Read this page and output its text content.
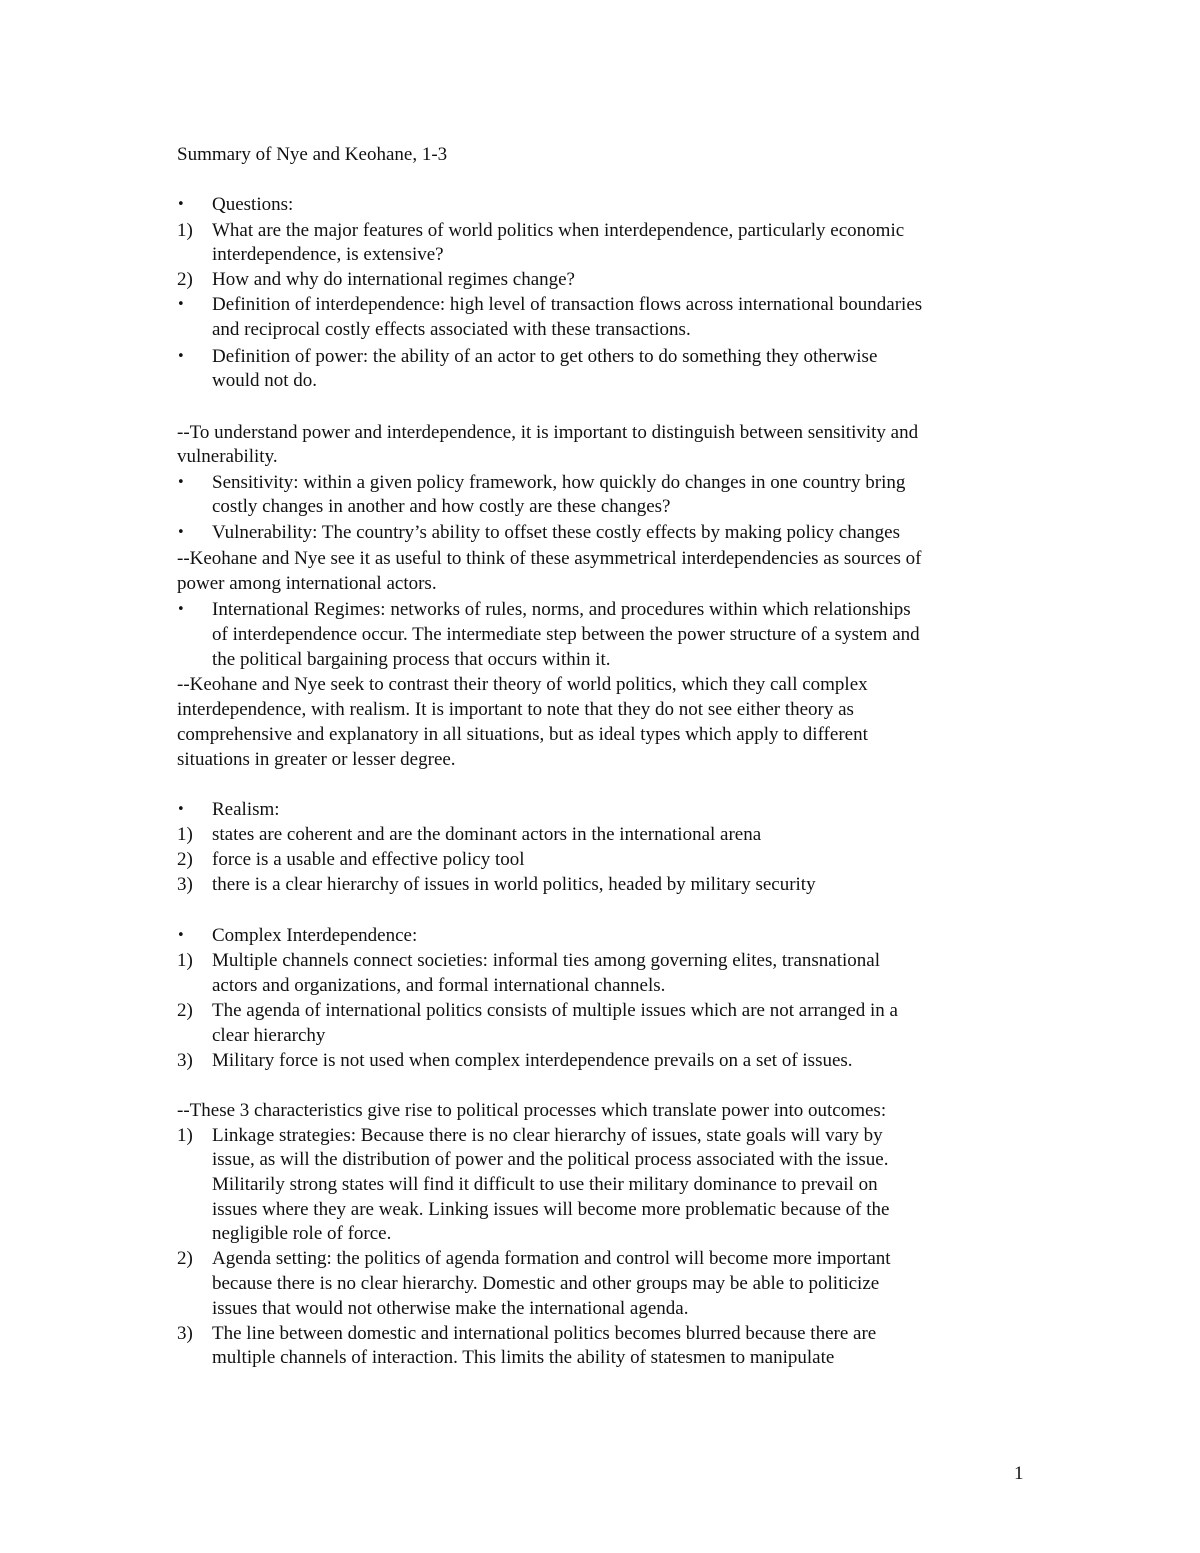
Summary of Nye and Keohane, 1-3
• Questions:
1) What are the major features of world politics when interdependence, particularly economic
interdependence, is extensive?
2) How and why do international regimes change?
• Definition of interdependence: high level of transaction flows across international boundaries
and reciprocal costly effects associated with these transactions.
• Definition of power: the ability of an actor to get others to do something they otherwise
would not do.
--To understand power and interdependence, it is important to distinguish between sensitivity and
vulnerability.
• Sensitivity: within a given policy framework, how quickly do changes in one country bring
costly changes in another and how costly are these changes?
• Vulnerability: The country’s ability to offset these costly effects by making policy changes
--Keohane and Nye see it as useful to think of these asymmetrical interdependencies as sources of
power among international actors.
• International Regimes: networks of rules, norms, and procedures within which relationships
of interdependence occur. The intermediate step between the power structure of a system and
the political bargaining process that occurs within it.
--Keohane and Nye seek to contrast their theory of world politics, which they call complex
interdependence, with realism. It is important to note that they do not see either theory as
comprehensive and explanatory in all situations, but as ideal types which apply to different
situations in greater or lesser degree.
• Realism:
1) states are coherent and are the dominant actors in the international arena
2) force is a usable and effective policy tool
3) there is a clear hierarchy of issues in world politics, headed by military security
• Complex Interdependence:
1) Multiple channels connect societies: informal ties among governing elites, transnational
actors and organizations, and formal international channels.
2) The agenda of international politics consists of multiple issues which are not arranged in a
clear hierarchy
3) Military force is not used when complex interdependence prevails on a set of issues.
--These 3 characteristics give rise to political processes which translate power into outcomes:
1) Linkage strategies: Because there is no clear hierarchy of issues, state goals will vary by
issue, as will the distribution of power and the political process associated with the issue.
Militarily strong states will find it difficult to use their military dominance to prevail on
issues where they are weak. Linking issues will become more problematic because of the
negligible role of force.
2) Agenda setting: the politics of agenda formation and control will become more important
because there is no clear hierarchy. Domestic and other groups may be able to politicize
issues that would not otherwise make the international agenda.
3) The line between domestic and international politics becomes blurred because there are
multiple channels of interaction. This limits the ability of statesmen to manipulate
1
